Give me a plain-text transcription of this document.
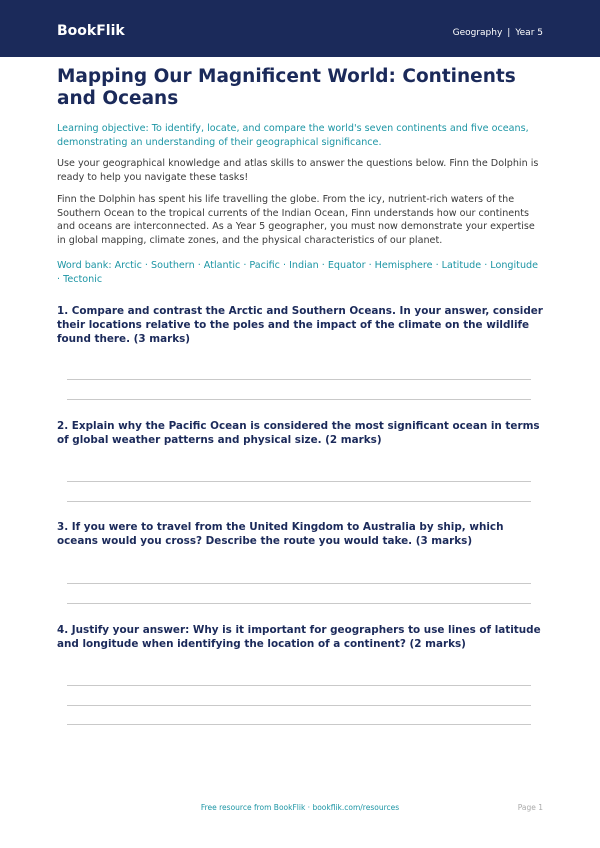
BookFlik	Geography | Year 5
Mapping Our Magnificent World: Continents and Oceans

Learning objective: To identify, locate, and compare the world's seven continents and five oceans, demonstrating an understanding of their geographical significance.

Use your geographical knowledge and atlas skills to answer the questions below. Finn the Dolphin is ready to help you navigate these tasks!

Finn the Dolphin has spent his life travelling the globe. From the icy, nutrient-rich waters of the Southern Ocean to the tropical currents of the Indian Ocean, Finn understands how our continents and oceans are interconnected. As a Year 5 geographer, you must now demonstrate your expertise in global mapping, climate zones, and the physical characteristics of our planet.

Word bank: Arctic · Southern · Atlantic · Pacific · Indian · Equator · Hemisphere · Latitude · Longitude · Tectonic

1. Compare and contrast the Arctic and Southern Oceans. In your answer, consider their locations relative to the poles and the impact of the climate on the wildlife found there. (3 marks)

2. Explain why the Pacific Ocean is considered the most significant ocean in terms of global weather patterns and physical size. (2 marks)

3. If you were to travel from the United Kingdom to Australia by ship, which oceans would you cross? Describe the route you would take. (3 marks)

4. Justify your answer: Why is it important for geographers to use lines of latitude and longitude when identifying the location of a continent? (2 marks)

Free resource from BookFlik · bookflik.com/resources	Page 1
